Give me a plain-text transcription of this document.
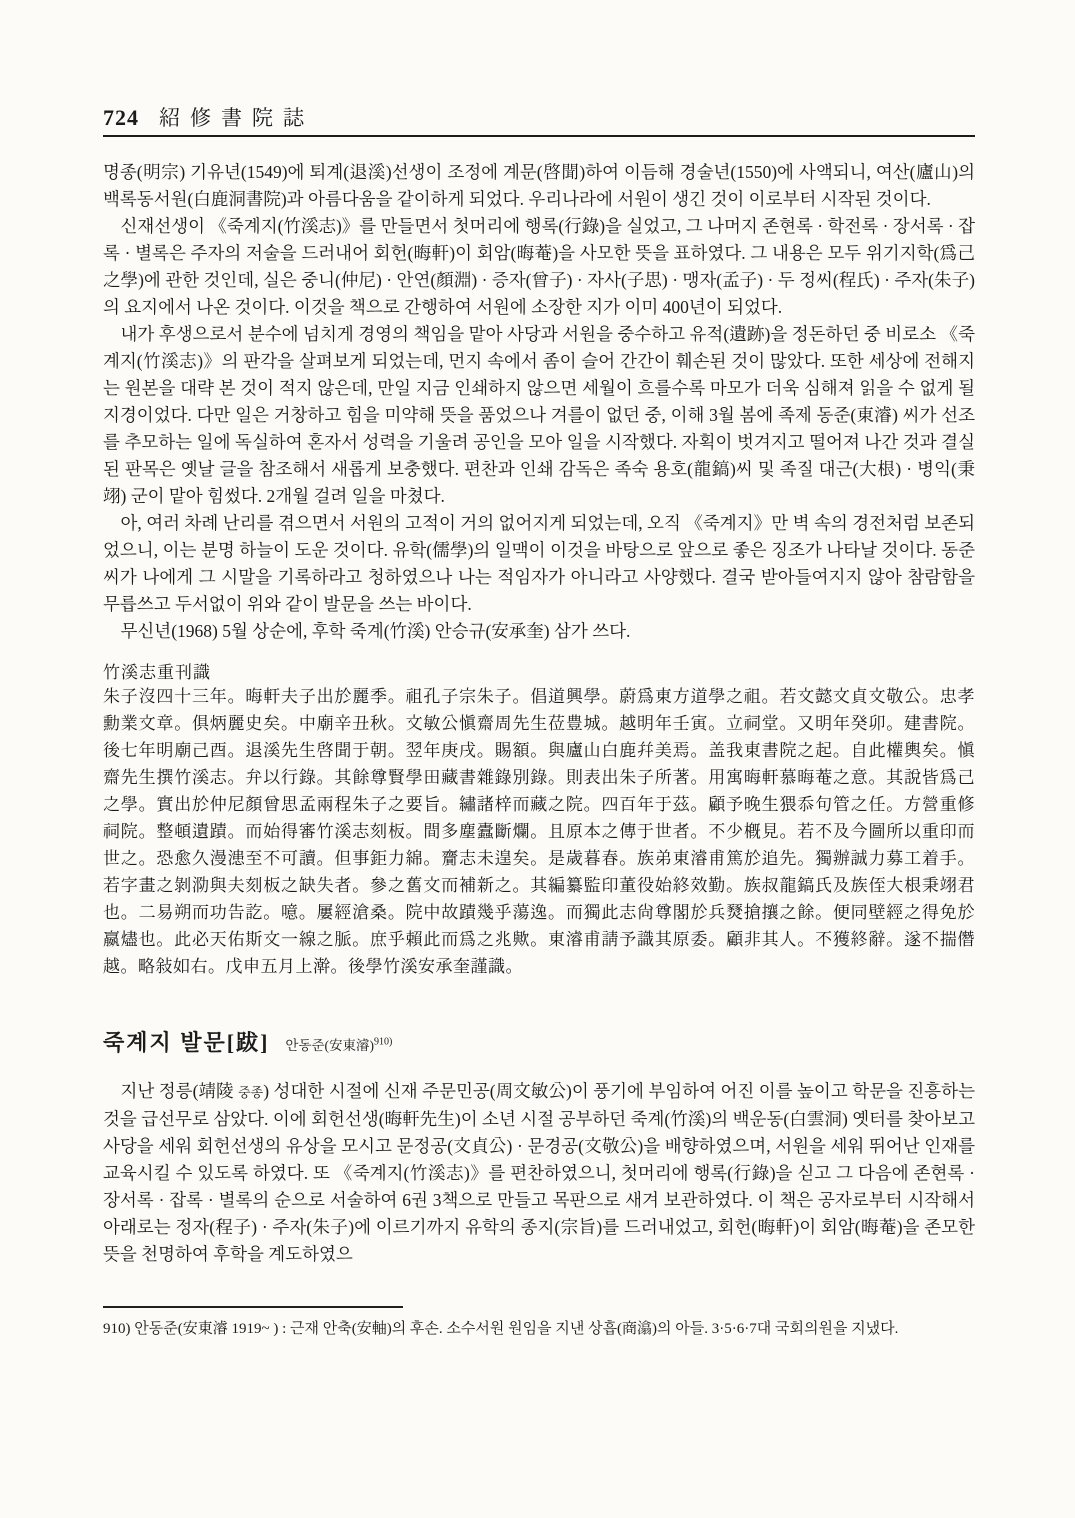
724 紹修書院誌

명종(明宗) 기유년(1549)에 퇴계(退溪)선생이 조정에 계문(啓聞)하여 이듬해 경술년(1550)에 사액되니, 여산(廬山)의 백록동서원(白鹿洞書院)과 아름다움을 같이하게 되었다. 우리나라에 서원이 생긴 것이 이로부터 시작된 것이다.

신재선생이 《죽계지(竹溪志)》를 만들면서 첫머리에 행록(行錄)을 실었고, 그 나머지 존현록 · 학전록 · 장서록 · 잡록 · 별록은 주자의 저술을 드러내어 회헌(晦軒)이 회암(晦菴)을 사모한 뜻을 표하였다. 그 내용은 모두 위기지학(爲己之學)에 관한 것인데, 실은 중니(仲尼) · 안연(顏淵) · 증자(曾子) · 자사(子思) · 맹자(孟子) · 두 정씨(程氏) · 주자(朱子)의 요지에서 나온 것이다. 이것을 책으로 간행하여 서원에 소장한 지가 이미 400년이 되었다.

내가 후생으로서 분수에 넘치게 경영의 책임을 맡아 사당과 서원을 중수하고 유적(遺跡)을 정돈하던 중 비로소 《죽계지(竹溪志)》의 판각을 살펴보게 되었는데, 먼지 속에서 좀이 슬어 간간이 훼손된 것이 많았다. 또한 세상에 전해지는 원본을 대략 본 것이 적지 않은데, 만일 지금 인쇄하지 않으면 세월이 흐를수록 마모가 더욱 심해져 읽을 수 없게 될 지경이었다. 다만 일은 거창하고 힘을 미약해 뜻을 품었으나 겨를이 없던 중, 이해 3월 봄에 족제 동준(東濬) 씨가 선조를 추모하는 일에 독실하여 혼자서 성력을 기울려 공인을 모아 일을 시작했다. 자획이 벗겨지고 떨어져 나간 것과 결실된 판목은 옛날 글을 참조해서 새롭게 보충했다. 편찬과 인쇄 감독은 족숙 용호(龍鎬)씨 및 족질 대근(大根) · 병익(秉翊) 군이 맡아 힘썼다. 2개월 걸려 일을 마쳤다.

아, 여러 차례 난리를 겪으면서 서원의 고적이 거의 없어지게 되었는데, 오직 《죽계지》만 벽 속의 경전처럼 보존되었으니, 이는 분명 하늘이 도운 것이다. 유학(儒學)의 일맥이 이것을 바탕으로 앞으로 좋은 징조가 나타날 것이다. 동준 씨가 나에게 그 시말을 기록하라고 청하였으나 나는 적임자가 아니라고 사양했다. 결국 받아들여지지 않아 참람함을 무릅쓰고 두서없이 위와 같이 발문을 쓰는 바이다.

무신년(1968) 5월 상순에, 후학 죽계(竹溪) 안승규(安承奎) 삼가 쓰다.

竹溪志重刊識

朱子沒四十三年。晦軒夫子出於麗季。祖孔子宗朱子。倡道興學。蔚爲東方道學之祖。若文懿文貞文敬公。忠孝勳業文章。俱炳麗史矣。中廟辛丑秋。文敏公愼齋周先生莅豊城。越明年壬寅。立祠堂。又明年癸卯。建書院。後七年明廟己酉。退溪先生啓聞于朝。翌年庚戌。賜額。與廬山白鹿幷美焉。盖我東書院之起。自此權輿矣。愼齋先生撰竹溪志。弁以行錄。其餘尊賢學田藏書雜錄別錄。則表出朱子所著。用寓晦軒慕晦菴之意。其說皆爲己之學。實出於仲尼顏曾思孟兩程朱子之要旨。繡諸梓而藏之院。四百年于茲。顧予晚生猥忝句管之任。方營重修祠院。整頓遺蹟。而始得審竹溪志刻板。間多塵蠹斷爛。且原本之傳于世者。不少槪見。若不及今圖所以重印而世之。恐愈久漫漶至不可讀。但事鉅力綿。齎志未遑矣。是歲暮春。族弟東濬甫篤於追先。獨辦誠力募工着手。若字畫之剝泐與夫刻板之缺失者。參之舊文而補新之。其編纂監印董役始終效勤。族叔龍鎬氏及族侄大根秉翊君也。二易朔而功告訖。噫。屢經滄桑。院中故蹟幾乎蕩逸。而獨此志尙尊閣於兵燹搶攘之餘。便同壁經之得免於嬴燼也。此必天佑斯文一線之脈。庶乎賴此而爲之兆歟。東濬甫請予識其原委。顧非其人。不獲終辭。遂不揣僭越。略敍如右。戊申五月上澣。後學竹溪安承奎謹識。

죽계지 발문[跋] 안동준(安東濬)$^{910)}$

지난 정릉(靖陵 중종) 성대한 시절에 신재 주문민공(周文敏公)이 풍기에 부임하여 어진 이를 높이고 학문을 진흥하는 것을 급선무로 삼았다. 이에 회헌선생(晦軒先生)이 소년 시절 공부하던 죽계(竹溪)의 백운동(白雲洞) 옛터를 찾아보고 사당을 세워 회헌선생의 유상을 모시고 문정공(文貞公) · 문경공(文敬公)을 배향하였으며, 서원을 세워 뛰어난 인재를 교육시킬 수 있도록 하였다. 또 《죽계지(竹溪志)》를 편찬하였으니, 첫머리에 행록(行錄)을 싣고 그 다음에 존현록 · 장서록 · 잡록 · 별록의 순으로 서술하여 6권 3책으로 만들고 목판으로 새겨 보관하였다. 이 책은 공자로부터 시작해서 아래로는 정자(程子) · 주자(朱子)에 이르기까지 유학의 종지(宗旨)를 드러내었고, 회헌(晦軒)이 회암(晦菴)을 존모한 뜻을 천명하여 후학을 계도하였으

910) 안동준(安東濬 1919~ ) : 근재 안축(安軸)의 후손. 소수서원 원임을 지낸 상흡(商潝)의 아들. 3·5·6·7대 국회의원을 지냈다.
